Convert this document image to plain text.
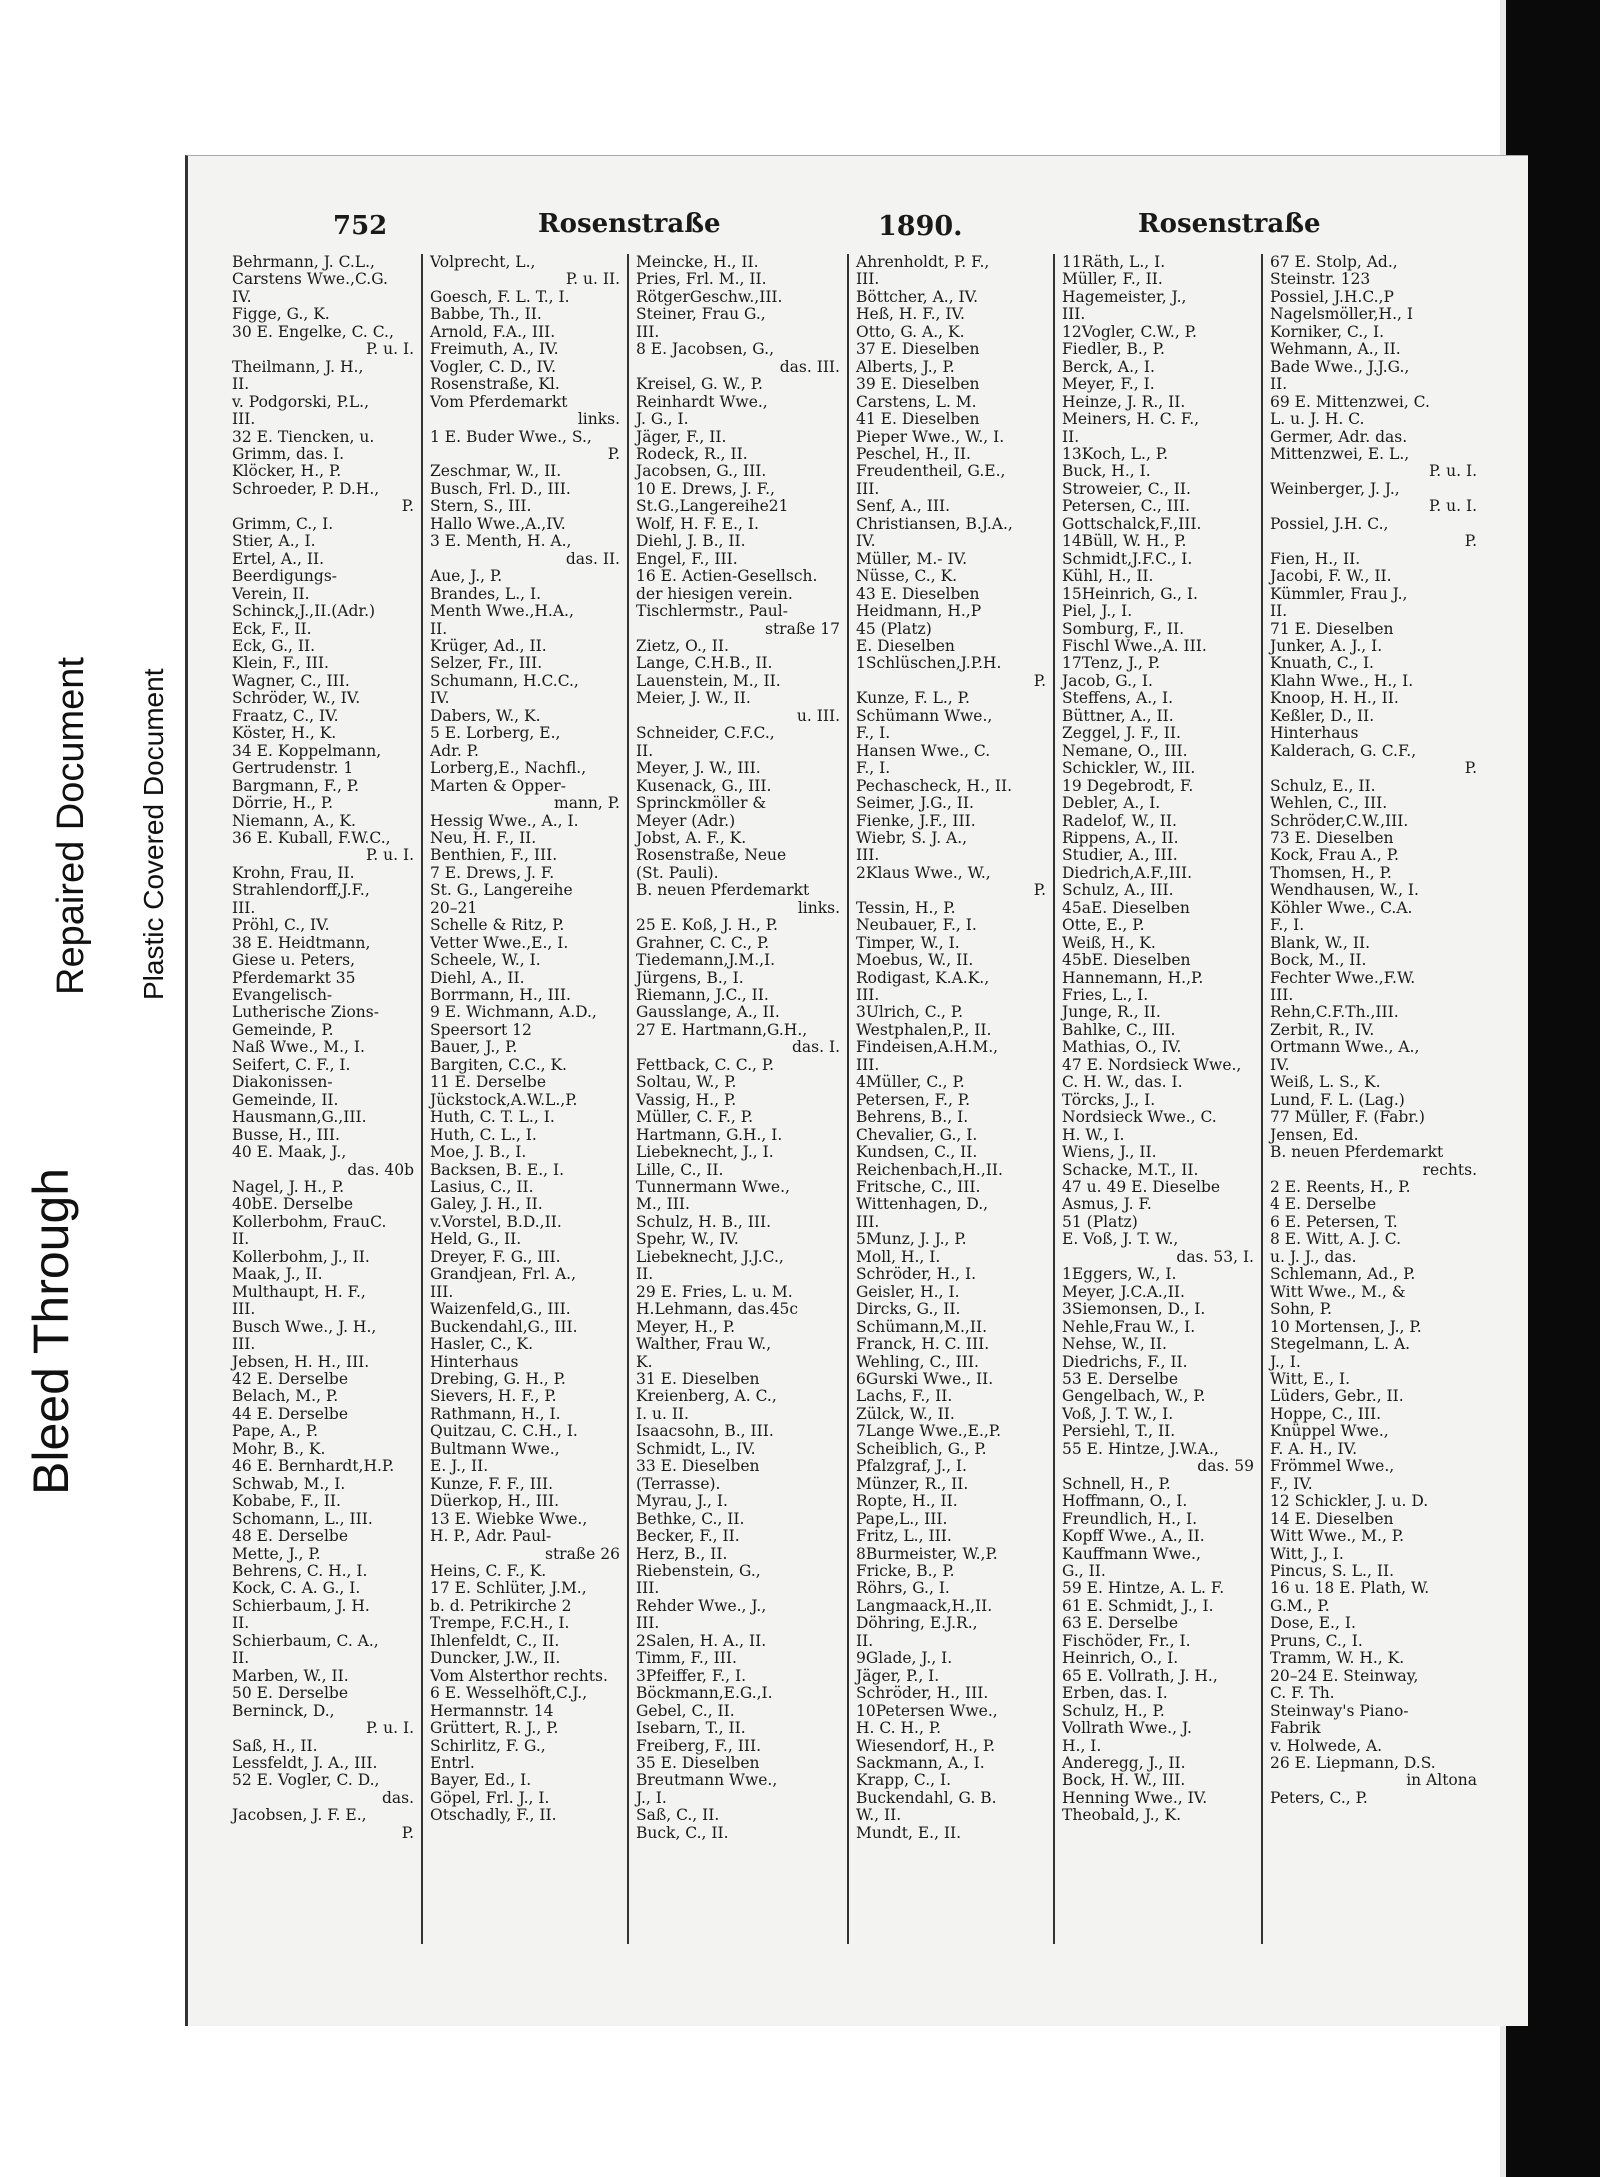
Bleed Through
Repaired Document Plastic Covered Document
752	Rosenstraße	1890.	Rosenstraße
Behrmann, J. C.L.,
Carstens Wwe.,C.G.
IV.
Figge, G., K.
30 E. Engelke, C. C.,
P. u. I.
Theilmann, J. H.,
II.
v. Podgorski, P.L.,
III.
32 E. Tiencken, u.
Grimm, das. I.
Klöcker, H., P.
Schroeder, P. D.H.,
P.
Grimm, C., I.
Stier, A., I.
Ertel, A., II.
Beerdigungs-
Verein, II.
Schinck,J.,II.(Adr.)
Eck, F., II.
Eck, G., II.
Klein, F., III.
Wagner, C., III.
Schröder, W., IV.
Fraatz, C., IV.
Köster, H., K.
34 E. Koppelmann,
Gertrudenstr. 1
Bargmann, F., P.
Dörrie, H., P.
Niemann, A., K.
36 E. Kuball, F.W.C.,
P. u. I.
Krohn, Frau, II.
Strahlendorff,J.F.,
III.
Pröhl, C., IV.
38 E. Heidtmann,
Giese u. Peters,
Pferdemarkt 35
Evangelisch-
Lutherische Zions-
Gemeinde, P.
Naß Wwe., M., I.
Seifert, C. F., I.
Diakonissen-
Gemeinde, II.
Hausmann,G.,III.
Busse, H., III.
40 E. Maak, J.,
das. 40b
Nagel, J. H., P.
40bE. Derselbe
Kollerbohm, FrauC.
II.
Kollerbohm, J., II.
Maak, J., II.
Multhaupt, H. F.,
III.
Busch Wwe., J. H.,
III.
Jebsen, H. H., III.
42 E. Derselbe
Belach, M., P.
44 E. Derselbe
Pape, A., P.
Mohr, B., K.
46 E. Bernhardt,H.P.
Schwab, M., I.
Kobabe, F., II.
Schomann, L., III.
48 E. Derselbe
Mette, J., P.
Behrens, C. H., I.
Kock, C. A. G., I.
Schierbaum, J. H.
II.
Schierbaum, C. A.,
II.
Marben, W., II.
50 E. Derselbe
Berninck, D.,
P. u. I.
Saß, H., II.
Lessfeldt, J. A., III.
52 E. Vogler, C. D.,
das.
Jacobsen, J. F. E.,
P.
Volprecht, L.,
P. u. II.
Goesch, F. L. T., I.
Babbe, Th., II.
Arnold, F.A., III.
Freimuth, A., IV.
Vogler, C. D., IV.
Rosenstraße, Kl.
Vom Pferdemarkt
links.
1 E. Buder Wwe., S.,
P.
Zeschmar, W., II.
Busch, Frl. D., III.
Stern, S., III.
Hallo Wwe.,A.,IV.
3 E. Menth, H. A.,
das. II.
Aue, J., P.
Brandes, L., I.
Menth Wwe.,H.A.,
II.
Krüger, Ad., II.
Selzer, Fr., III.
Schumann, H.C.C.,
IV.
Dabers, W., K.
5 E. Lorberg, E.,
Adr. P.
Lorberg,E., Nachfl.,
Marten & Opper-
mann, P.
Hessig Wwe., A., I.
Neu, H. F., II.
Benthien, F., III.
7 E. Drews, J. F.
St. G., Langereihe
20–21
Schelle & Ritz, P.
Vetter Wwe.,E., I.
Scheele, W., I.
Diehl, A., II.
Borrmann, H., III.
9 E. Wichmann, A.D.,
Speersort 12
Bauer, J., P.
Bargiten, C.C., K.
11 E. Derselbe
Jückstock,A.W.L.,P.
Huth, C. T. L., I.
Huth, C. L., I.
Moe, J. B., I.
Backsen, B. E., I.
Lasius, C., II.
Galey, J. H., II.
v.Vorstel, B.D.,II.
Held, G., II.
Dreyer, F. G., III.
Grandjean, Frl. A.,
III.
Waizenfeld,G., III.
Buckendahl,G., III.
Hasler, C., K.
Hinterhaus
Drebing, G. H., P.
Sievers, H. F., P.
Rathmann, H., I.
Quitzau, C. C.H., I.
Bultmann Wwe.,
E. J., II.
Kunze, F. F., III.
Düerkop, H., III.
13 E. Wiebke Wwe.,
H. P., Adr. Paul-
straße 26
Heins, C. F., K.
17 E. Schlüter, J.M.,
b. d. Petrikirche 2
Trempe, F.C.H., I.
Ihlenfeldt, C., II.
Duncker, J.W., II.
Vom Alsterthor rechts.
6 E. Wesselhöft,C.J.,
Hermannstr. 14
Grüttert, R. J., P.
Schirlitz, F. G.,
Entrl.
Bayer, Ed., I.
Göpel, Frl. J., I.
Otschadly, F., II.
Meincke, H., II.
Pries, Frl. M., II.
RötgerGeschw.,III.
Steiner, Frau G.,
III.
8 E. Jacobsen, G.,
das. III.
Kreisel, G. W., P.
Reinhardt Wwe.,
J. G., I.
Jäger, F., II.
Rodeck, R., II.
Jacobsen, G., III.
10 E. Drews, J. F.,
St.G.,Langereihe21
Wolf, H. F. E., I.
Diehl, J. B., II.
Engel, F., III.
16 E. Actien-Gesellsch.
der hiesigen verein.
Tischlermstr., Paul-
straße 17
Zietz, O., II.
Lange, C.H.B., II.
Lauenstein, M., II.
Meier, J. W., II.
u. III.
Schneider, C.F.C.,
II.
Meyer, J. W., III.
Kusenack, G., III.
Sprinckmöller &
Meyer (Adr.)
Jobst, A. F., K.
Rosenstraße, Neue
(St. Pauli).
B. neuen Pferdemarkt
links.
25 E. Koß, J. H., P.
Grahner, C. C., P.
Tiedemann,J.M.,I.
Jürgens, B., I.
Riemann, J.C., II.
Gausslange, A., II.
27 E. Hartmann,G.H.,
das. I.
Fettback, C. C., P.
Soltau, W., P.
Vassig, H., P.
Müller, C. F., P.
Hartmann, G.H., I.
Liebeknecht, J., I.
Lille, C., II.
Tunnermann Wwe.,
M., III.
Schulz, H. B., III.
Spehr, W., IV.
Liebeknecht, J.J.C.,
II.
29 E. Fries, L. u. M.
H.Lehmann, das.45c
Meyer, H., P.
Walther, Frau W.,
K.
31 E. Dieselben
Kreienberg, A. C.,
I. u. II.
Isaacsohn, B., III.
Schmidt, L., IV.
33 E. Dieselben
(Terrasse).
Myrau, J., I.
Bethke, C., II.
Becker, F., II.
Herz, B., II.
Riebenstein, G.,
III.
Rehder Wwe., J.,
III.
2Salen, H. A., II.
Timm, F., III.
3Pfeiffer, F., I.
Böckmann,E.G.,I.
Gebel, C., II.
Isebarn, T., II.
Freiberg, F., III.
35 E. Dieselben
Breutmann Wwe.,
J., I.
Saß, C., II.
Buck, C., II.
Ahrenholdt, P. F.,
III.
Böttcher, A., IV.
Heß, H. F., IV.
Otto, G. A., K.
37 E. Dieselben
Alberts, J., P.
39 E. Dieselben
Carstens, L. M.
41 E. Dieselben
Pieper Wwe., W., I.
Peschel, H., II.
Freudentheil, G.E.,
III.
Senf, A., III.
Christiansen, B.J.A.,
IV.
Müller, M.- IV.
Nüsse, C., K.
43 E. Dieselben
Heidmann, H.,P
45 (Platz)
E. Dieselben
1Schlüschen,J.P.H.
P.
Kunze, F. L., P.
Schümann Wwe.,
F., I.
Hansen Wwe., C.
F., I.
Pechascheck, H., II.
Seimer, J.G., II.
Fienke, J.F., III.
Wiebr, S. J. A.,
III.
2Klaus Wwe., W.,
P.
Tessin, H., P.
Neubauer, F., I.
Timper, W., I.
Moebus, W., II.
Rodigast, K.A.K.,
III.
3Ulrich, C., P.
Westphalen,P., II.
Findeisen,A.H.M.,
III.
4Müller, C., P.
Petersen, F., P.
Behrens, B., I.
Chevalier, G., I.
Kundsen, C., II.
Reichenbach,H.,II.
Fritsche, C., III.
Wittenhagen, D.,
III.
5Munz, J. J., P.
Moll, H., I.
Schröder, H., I.
Geisler, H., I.
Dircks, G., II.
Schümann,M.,II.
Franck, H. C. III.
Wehling, C., III.
6Gurski Wwe., II.
Lachs, F., II.
Zülck, W., II.
7Lange Wwe.,E.,P.
Scheiblich, G., P.
Pfalzgraf, J., I.
Münzer, R., II.
Ropte, H., II.
Pape,L., III.
Fritz, L., III.
8Burmeister, W.,P.
Fricke, B., P.
Röhrs, G., I.
Langmaack,H.,II.
Döhring, E.J.R.,
II.
9Glade, J., I.
Jäger, P., I.
Schröder, H., III.
10Petersen Wwe.,
H. C. H., P.
Wiesendorf, H., P.
Sackmann, A., I.
Krapp, C., I.
Buckendahl, G. B.
W., II.
Mundt, E., II.
11Räth, L., I.
Müller, F., II.
Hagemeister, J.,
III.
12Vogler, C.W., P.
Fiedler, B., P.
Berck, A., I.
Meyer, F., I.
Heinze, J. R., II.
Meiners, H. C. F.,
II.
13Koch, L., P.
Buck, H., I.
Stroweier, C., II.
Petersen, C., III.
Gottschalck,F.,III.
14Büll, W. H., P.
Schmidt,J.F.C., I.
Kühl, H., II.
15Heinrich, G., I.
Piel, J., I.
Somburg, F., II.
Fischl Wwe.,A. III.
17Tenz, J., P.
Jacob, G., I.
Steffens, A., I.
Büttner, A., II.
Zeggel, J. F., II.
Nemane, O., III.
Schickler, W., III.
19 Degebrodt, F.
Debler, A., I.
Radelof, W., II.
Rippens, A., II.
Studier, A., III.
Diedrich,A.F.,III.
Schulz, A., III.
45aE. Dieselben
Otte, E., P.
Weiß, H., K.
45bE. Dieselben
Hannemann, H.,P.
Fries, L., I.
Junge, R., II.
Bahlke, C., III.
Mathias, O., IV.
47 E. Nordsieck Wwe.,
C. H. W., das. I.
Törcks, J., I.
Nordsieck Wwe., C.
H. W., I.
Wiens, J., II.
Schacke, M.T., II.
47 u. 49 E. Dieselbe
Asmus, J. F.
51 (Platz)
E. Voß, J. T. W.,
das. 53, I.
1Eggers, W., I.
Meyer, J.C.A.,II.
3Siemonsen, D., I.
Nehle,Frau W., I.
Nehse, W., II.
Diedrichs, F., II.
53 E. Derselbe
Gengelbach, W., P.
Voß, J. T. W., I.
Persiehl, T., II.
55 E. Hintze, J.W.A.,
das. 59
Schnell, H., P.
Hoffmann, O., I.
Freundlich, H., I.
Kopff Wwe., A., II.
Kauffmann Wwe.,
G., II.
59 E. Hintze, A. L. F.
61 E. Schmidt, J., I.
63 E. Derselbe
Fischöder, Fr., I.
Heinrich, O., I.
65 E. Vollrath, J. H.,
Erben, das. I.
Schulz, H., P.
Vollrath Wwe., J.
H., I.
Anderegg, J., II.
Bock, H. W., III.
Henning Wwe., IV.
Theobald, J., K.
67 E. Stolp, Ad.,
Steinstr. 123
Possiel, J.H.C.,P
Nagelsmöller,H., I
Korniker, C., I.
Wehmann, A., II.
Bade Wwe., J.J.G.,
II.
69 E. Mittenzwei, C.
L. u. J. H. C.
Germer, Adr. das.
Mittenzwei, E. L.,
P. u. I.
Weinberger, J. J.,
P. u. I.
Possiel, J.H. C.,
P.
Fien, H., II.
Jacobi, F. W., II.
Kümmler, Frau J.,
II.
71 E. Dieselben
Junker, A. J., I.
Knuath, C., I.
Klahn Wwe., H., I.
Knoop, H. H., II.
Keßler, D., II.
Hinterhaus
Kalderach, G. C.F.,
P.
Schulz, E., II.
Wehlen, C., III.
Schröder,C.W.,III.
73 E. Dieselben
Kock, Frau A., P.
Thomsen, H., P.
Wendhausen, W., I.
Köhler Wwe., C.A.
F., I.
Blank, W., II.
Bock, M., II.
Fechter Wwe.,F.W.
III.
Rehn,C.F.Th.,III.
Zerbit, R., IV.
Ortmann Wwe., A.,
IV.
Weiß, L. S., K.
Lund, F. L. (Lag.)
77 Müller, F. (Fabr.)
Jensen, Ed.
B. neuen Pferdemarkt
rechts.
2 E. Reents, H., P.
4 E. Derselbe
6 E. Petersen, T.
8 E. Witt, A. J. C.
u. J. J., das.
Schlemann, Ad., P.
Witt Wwe., M., &
Sohn, P.
10 Mortensen, J., P.
Stegelmann, L. A.
J., I.
Witt, E., I.
Lüders, Gebr., II.
Hoppe, C., III.
Knüppel Wwe.,
F. A. H., IV.
Frömmel Wwe.,
F., IV.
12 Schickler, J. u. D.
14 E. Dieselben
Witt Wwe., M., P.
Witt, J., I.
Pincus, S. L., II.
16 u. 18 E. Plath, W.
G.M., P.
Dose, E., I.
Pruns, C., I.
Tramm, W. H., K.
20–24 E. Steinway,
C. F. Th.
Steinway's Piano-
Fabrik
v. Holwede, A.
26 E. Liepmann, D.S.
in Altona
Peters, C., P.
